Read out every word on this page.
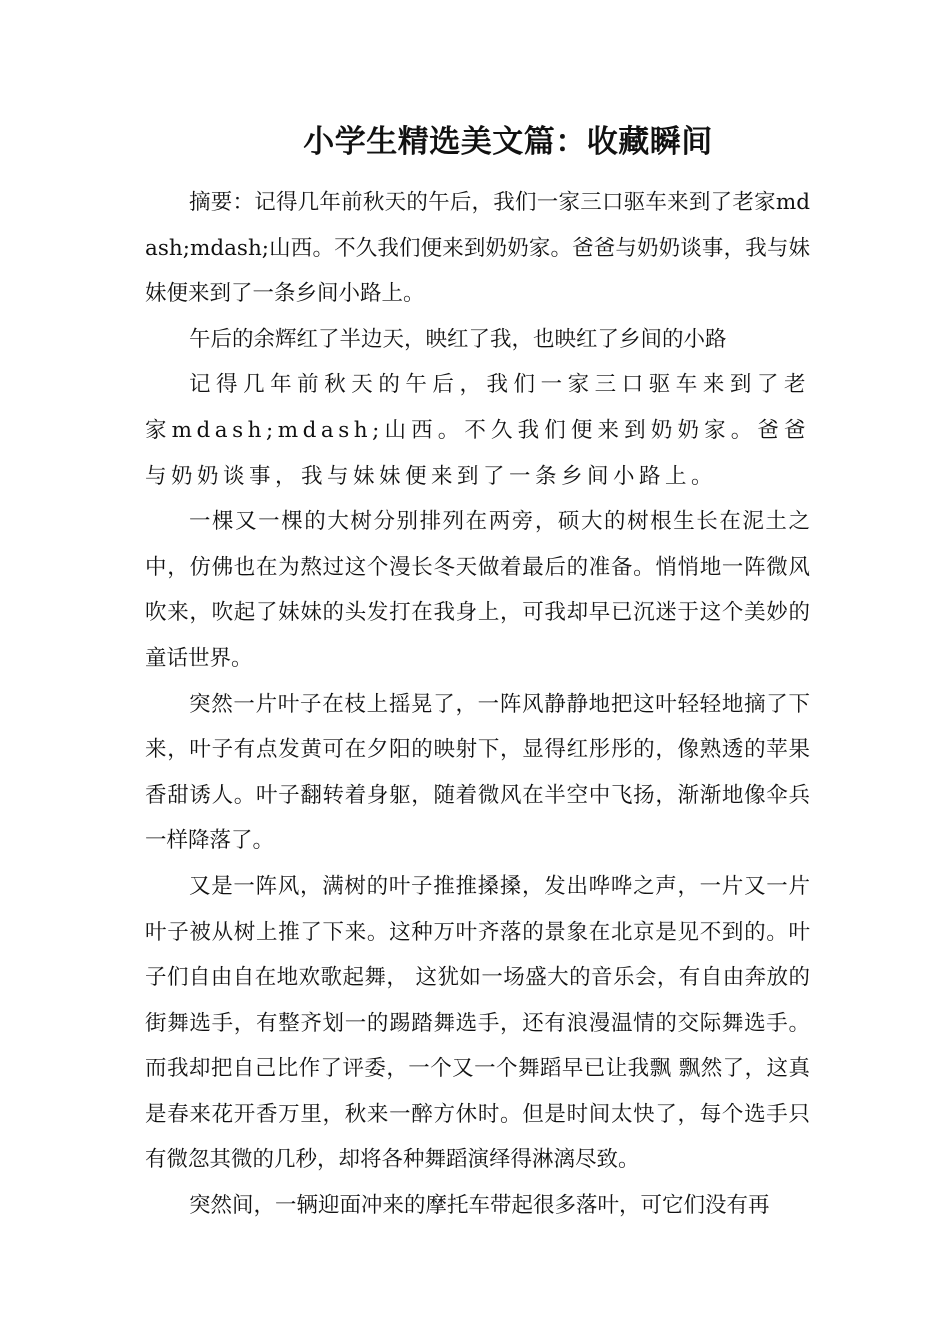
小学生精选美文篇：收藏瞬间

摘要：记得几年前秋天的午后，我们一家三口驱车来到了老家mdash;mdash;山西。不久我们便来到奶奶家。爸爸与奶奶谈事，我与妹妹便来到了一条乡间小路上。

午后的余辉红了半边天，映红了我，也映红了乡间的小路

记得几年前秋天的午后，我们一家三口驱车来到了老家mdash;mdash;山西。不久我们便来到奶奶家。爸爸与奶奶谈事，我与妹妹便来到了一条乡间小路上。

一棵又一棵的大树分别排列在两旁，硕大的树根生长在泥土之中，仿佛也在为熬过这个漫长冬天做着最后的准备。悄悄地一阵微风吹来，吹起了妹妹的头发打在我身上，可我却早已沉迷于这个美妙的童话世界。

突然一片叶子在枝上摇晃了，一阵风静静地把这叶轻轻地摘了下来，叶子有点发黄可在夕阳的映射下，显得红彤彤的，像熟透的苹果香甜诱人。叶子翻转着身躯，随着微风在半空中飞扬，渐渐地像伞兵一样降落了。

又是一阵风，满树的叶子推推搡搡，发出哗哗之声，一片又一片叶子被从树上推了下来。这种万叶齐落的景象在北京是见不到的。叶子们自由自在地欢歌起舞， 这犹如一场盛大的音乐会，有自由奔放的街舞选手，有整齐划一的踢踏舞选手，还有浪漫温情的交际舞选手。而我却把自己比作了评委，一个又一个舞蹈早已让我飘 飘然了，这真是春来花开香万里，秋来一醉方休时。但是时间太快了，每个选手只有微忽其微的几秒，却将各种舞蹈演绎得淋漓尽致。

突然间，一辆迎面冲来的摩托车带起很多落叶，可它们没有再
